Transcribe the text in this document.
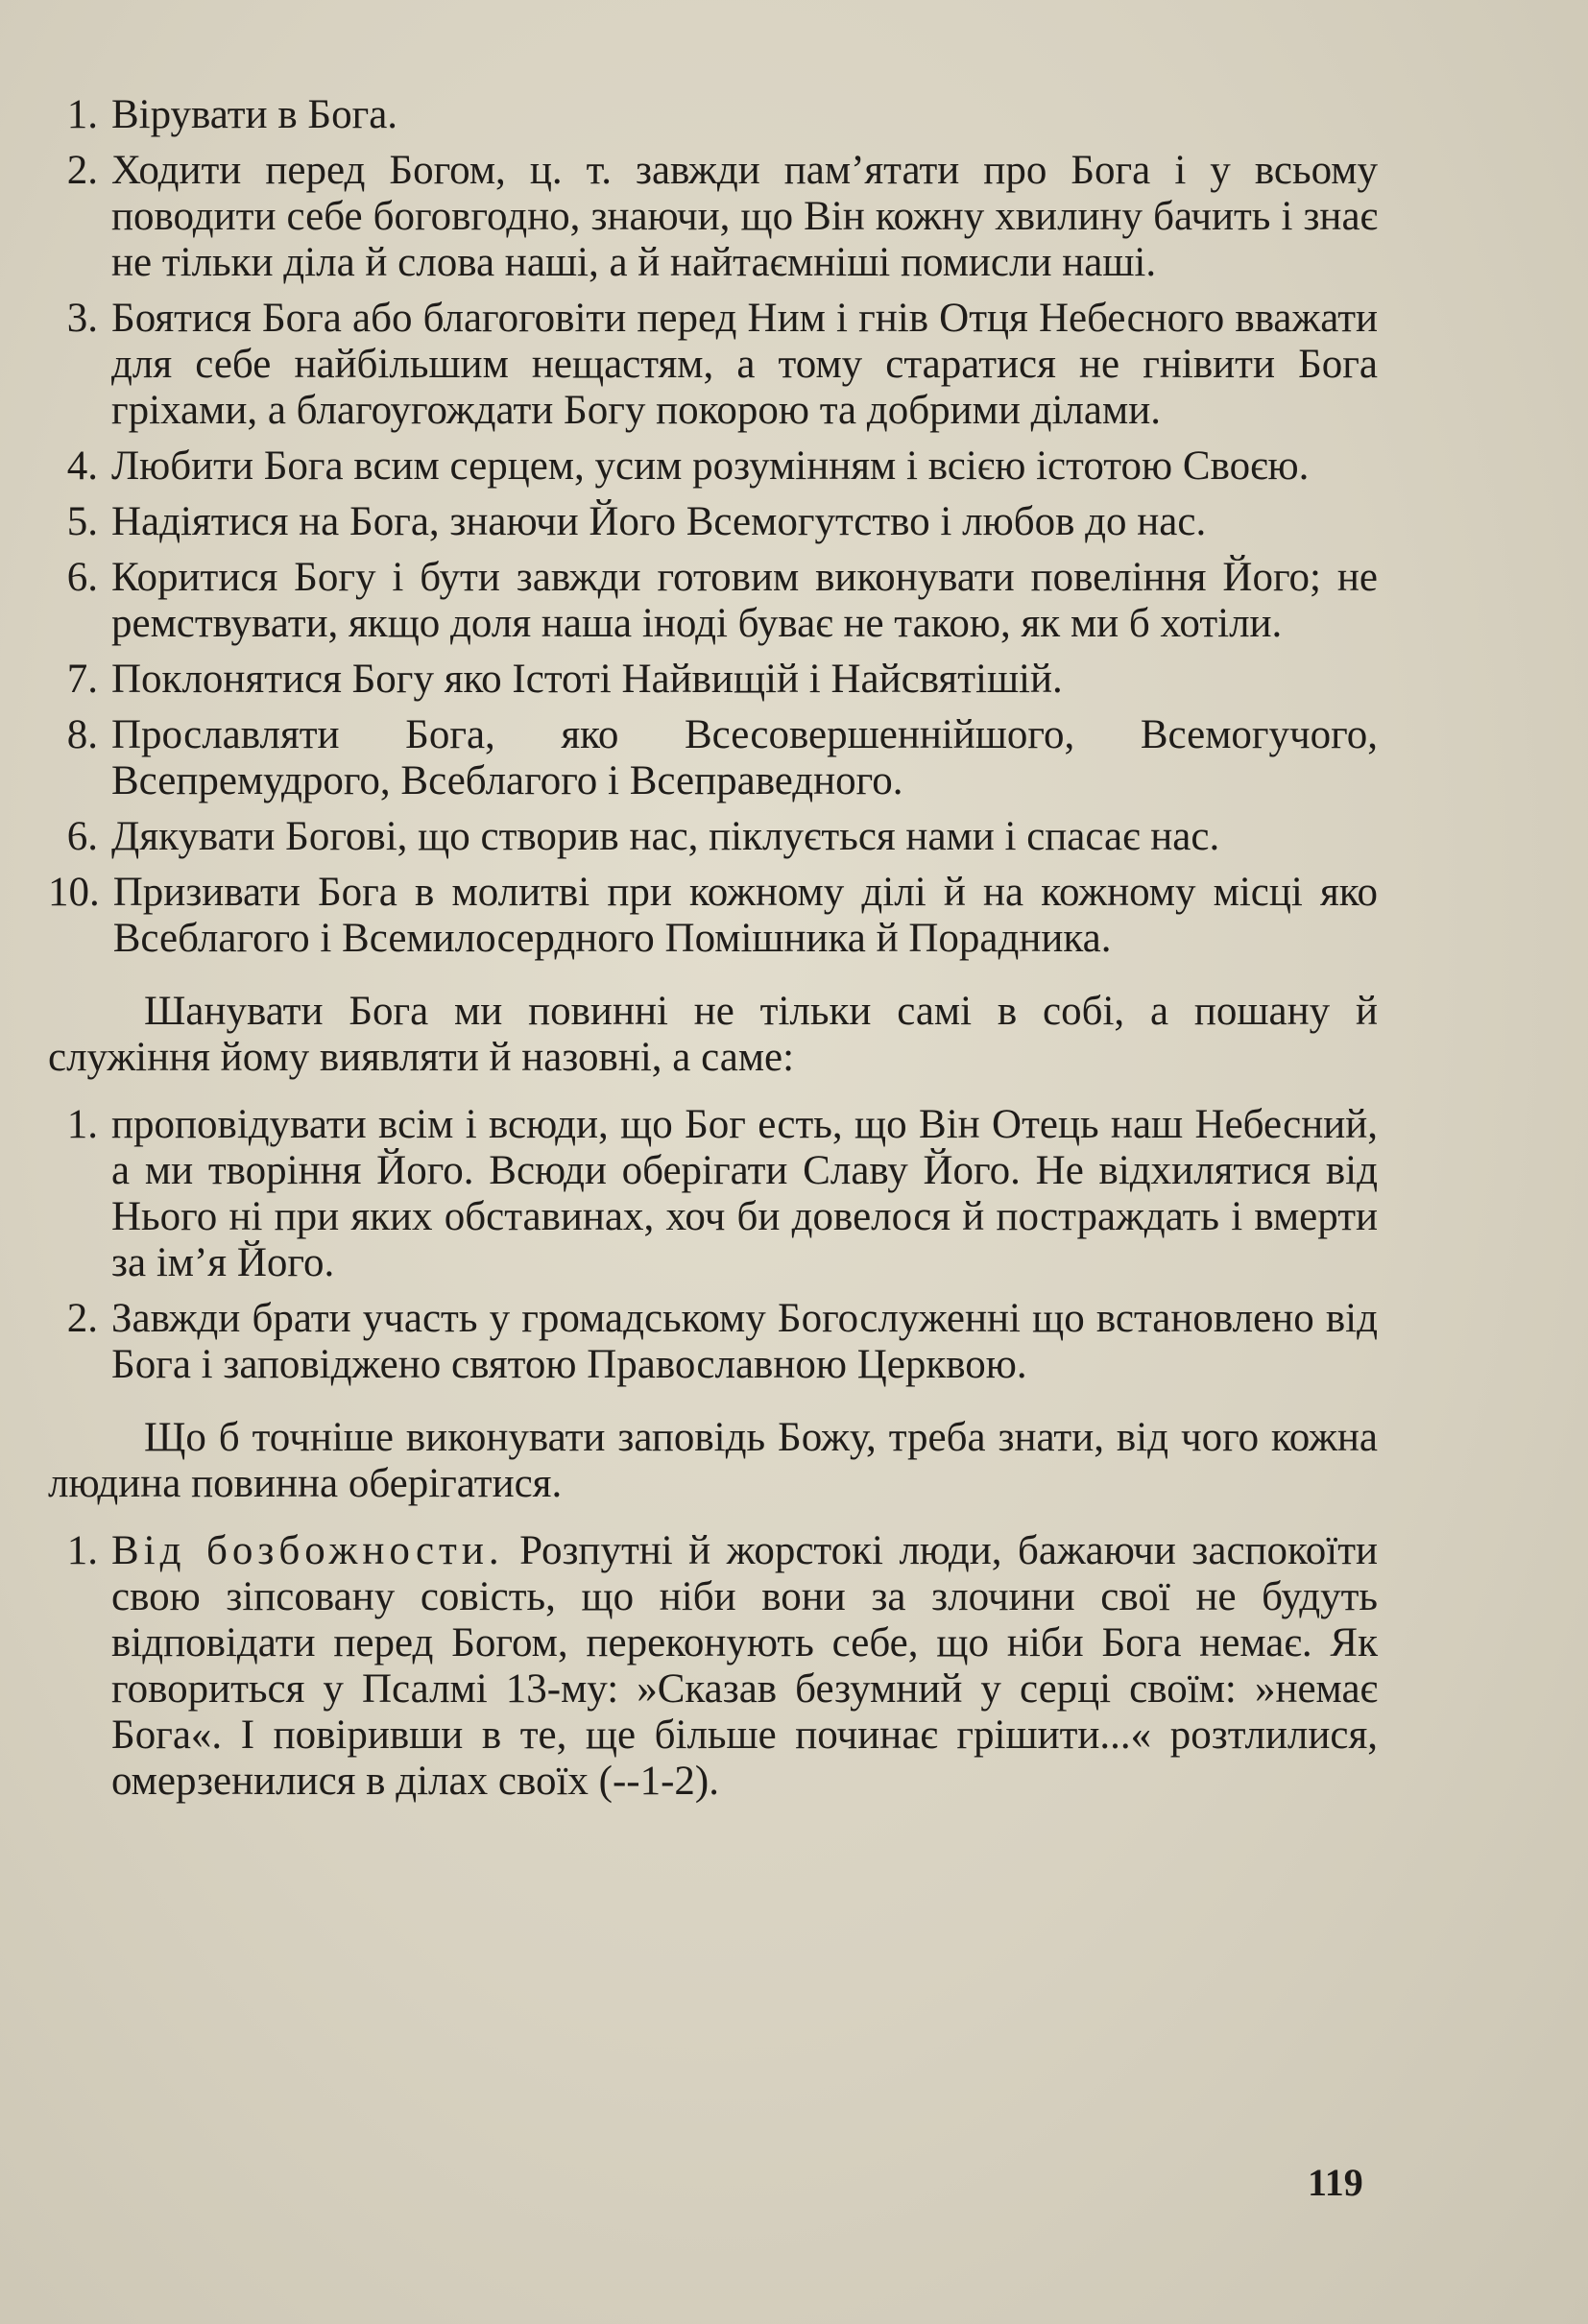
1. Вірувати в Бога.
2. Ходити перед Богом, ц. т. завжди пам’ятати про Бога і у всьому поводити себе боговгодно, знаючи, що Він кожну хвилину бачить і знає не тільки діла й слова наші, а й найтаємніші помисли наші.
3. Боятися Бога або благоговіти перед Ним і гнів Отця Небесного вважати для себе найбільшим нещастям, а тому старатися не гнівити Бога гріхами, а благоугождати Богу покорою та добрими ділами.
4. Любити Бога всим серцем, усим розумінням і всією істотою Своєю.
5. Надіятися на Бога, знаючи Його Всемогутство і любов до нас.
6. Коритися Богу і бути завжди готовим виконувати повеління Його; не ремствувати, якщо доля наша іноді буває не такою, як ми б хотіли.
7. Поклонятися Богу яко Істоті Найвищій і Найсвятішій.
8. Прославляти Бога, яко Всесовершеннійшого, Всемогучого, Всепремудрого, Всеблагого і Всеправедного.
6. Дякувати Богові, що створив нас, піклується нами і спасає нас.
10. Призивати Бога в молитві при кожному ділі й на кожному місці яко Всеблагого і Всемилосердного Помішника й Порадника.

Шанувати Бога ми повинні не тільки самі в собі, а пошану й служіння йому виявляти й назовні, а саме:

1. проповідувати всім і всюди, що Бог есть, що Він Отець наш Небесний, а ми творіння Його. Всюди оберігати Славу Його. Не відхилятися від Нього ні при яких обставинах, хоч би довелося й постраждать і вмерти за ім’я Його.
2. Завжди брати участь у громадському Богослуженні що встановлено від Бога і заповіджено святою Православною Церквою.

Що б точніше виконувати заповідь Божу, треба знати, від чого кожна людина повинна оберігатися.

1. Від бозбожности. Розпутні й жорстокі люди, бажаючи заспокоїти свою зіпсовану совість, що ніби вони за злочини свої не будуть відповідати перед Богом, переконують себе, що ніби Бога немає. Як говориться у Псалмі 13-му: »Сказав безумний у серці своїм: »немає Бога«. І повіривши в те, ще більше починає грішити...« розтлилися, омерзенилися в ділах своїх (--1-2).
119
